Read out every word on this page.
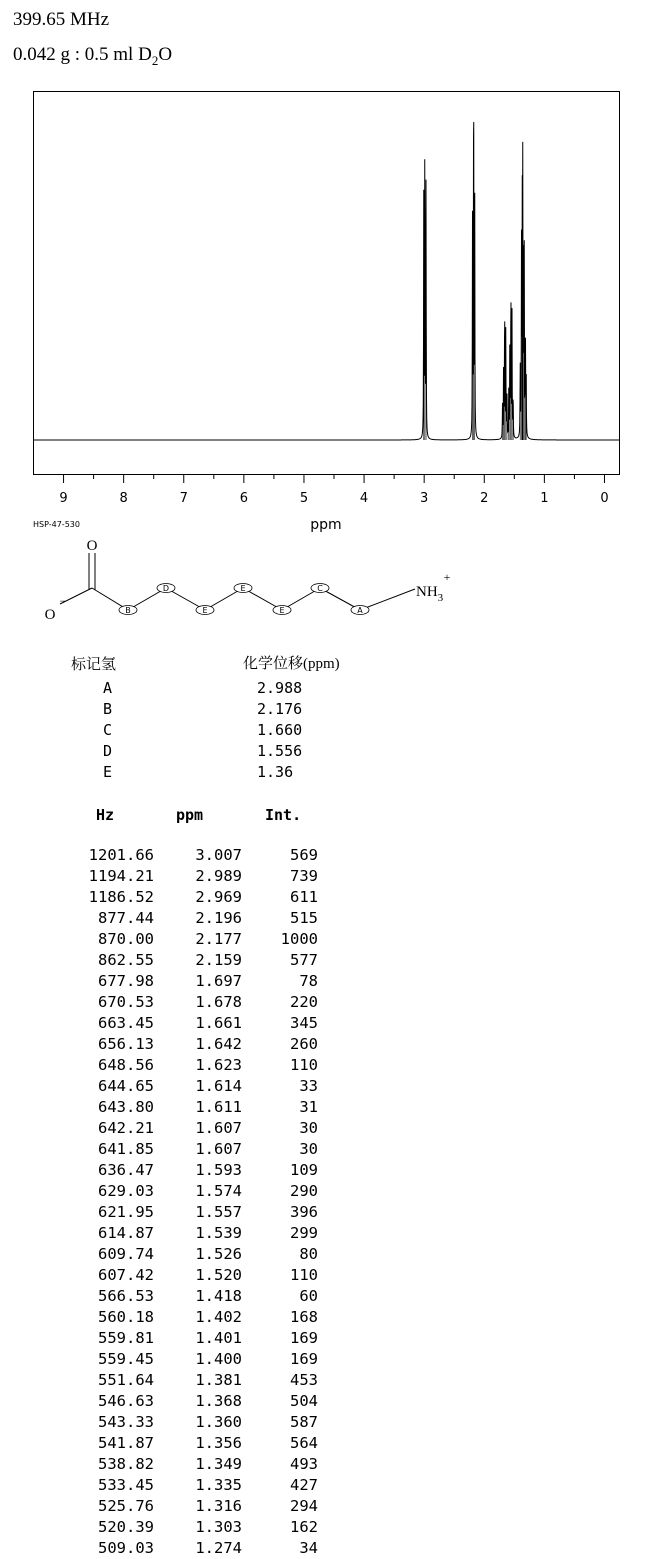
399.65 MHz
0.042 g : 0.5 ml $D_2O$
9	8	7	6	5	4	3	2	1	0
ppm
HSP-47-530
B
D
E
E
E
C
A
O
O
−
$NH_3$
+
标记氢	化学位移(ppm)
A	2.988
B	2.176
C	1.660
D	1.556
E	1.36
Hz	ppm	Int.
1201.66	3.007	569
1194.21	2.989	739
1186.52	2.969	611
877.44	2.196	515
870.00	2.177	1000
862.55	2.159	577
677.98	1.697	78
670.53	1.678	220
663.45	1.661	345
656.13	1.642	260
648.56	1.623	110
644.65	1.614	33
643.80	1.611	31
642.21	1.607	30
641.85	1.607	30
636.47	1.593	109
629.03	1.574	290
621.95	1.557	396
614.87	1.539	299
609.74	1.526	80
607.42	1.520	110
566.53	1.418	60
560.18	1.402	168
559.81	1.401	169
559.45	1.400	169
551.64	1.381	453
546.63	1.368	504
543.33	1.360	587
541.87	1.356	564
538.82	1.349	493
533.45	1.335	427
525.76	1.316	294
520.39	1.303	162
509.03	1.274	34
